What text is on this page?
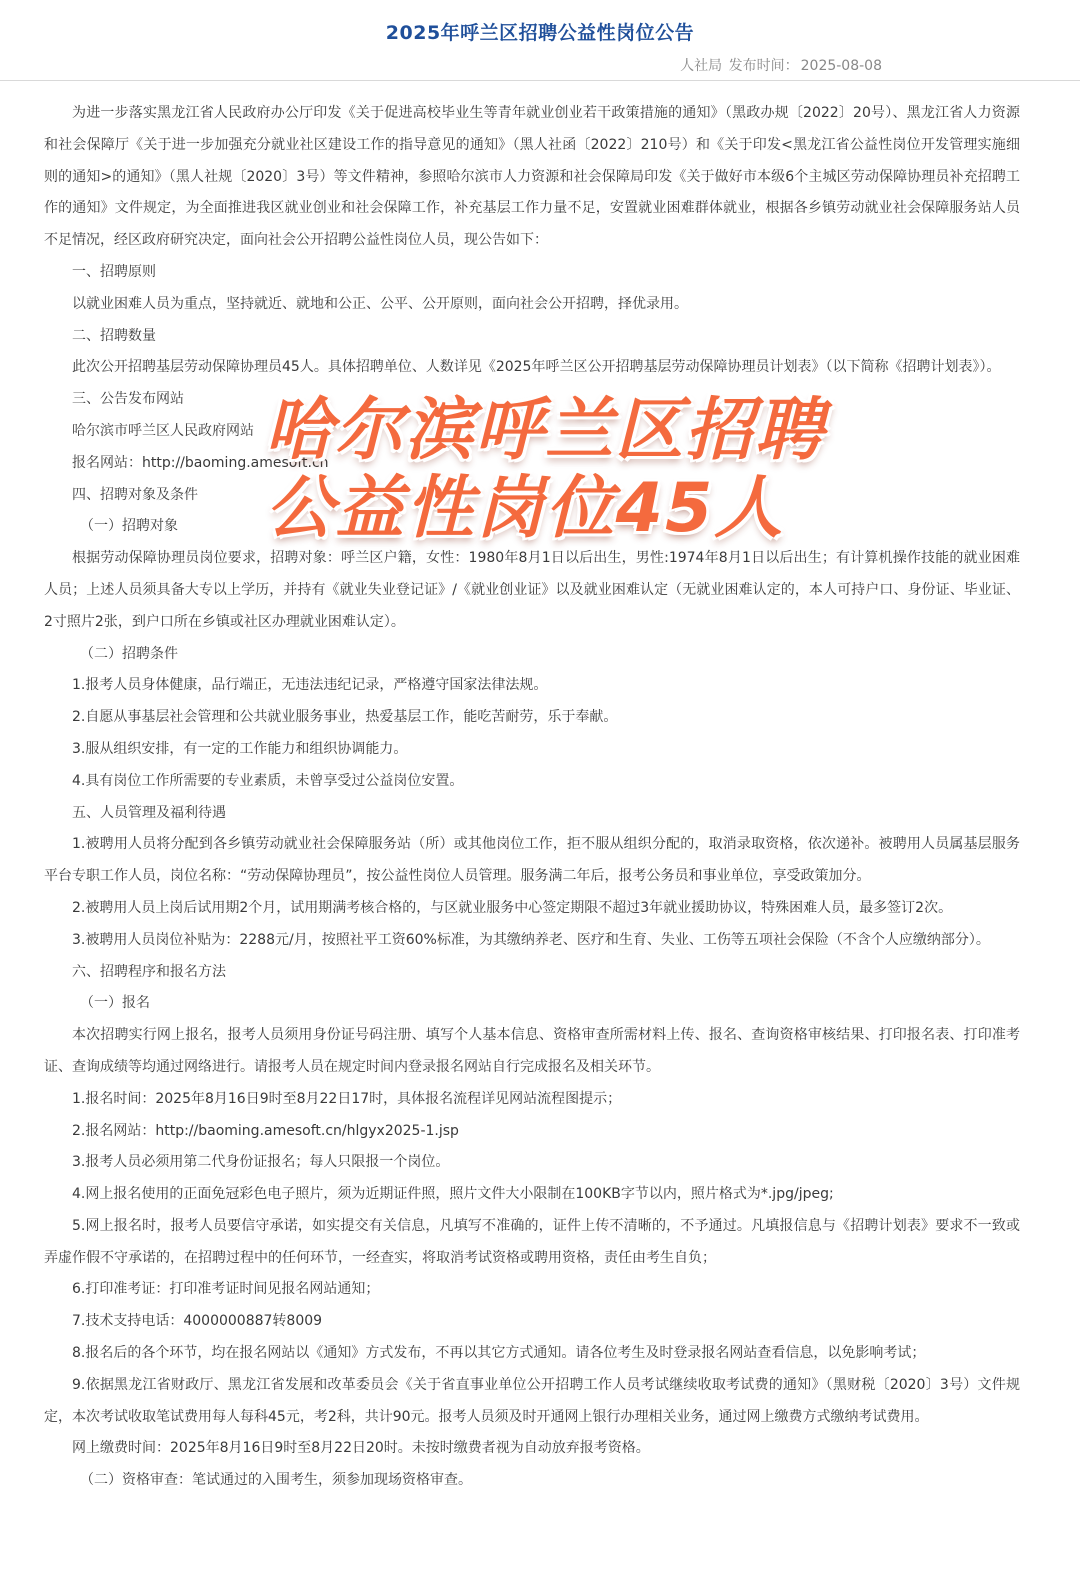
2025年呼兰区招聘公益性岗位公告
人社局 发布时间： 2025-08-08

为进一步落实黑龙江省人民政府办公厅印发《关于促进高校毕业生等青年就业创业若干政策措施的通知》（黑政办规〔2022〕20号）、黑龙江省人力资源和社会保障厅《关于进一步加强充分就业社区建设工作的指导意见的通知》（黑人社函〔2022〕210号）和《关于印发<黑龙江省公益性岗位开发管理实施细则的通知>的通知》（黑人社规〔2020〕3号）等文件精神，参照哈尔滨市人力资源和社会保障局印发《关于做好市本级6个主城区劳动保障协理员补充招聘工作的通知》文件规定，为全面推进我区就业创业和社会保障工作，补充基层工作力量不足，安置就业困难群体就业，根据各乡镇劳动就业社会保障服务站人员不足情况，经区政府研究决定，面向社会公开招聘公益性岗位人员，现公告如下：

一、招聘原则

以就业困难人员为重点，坚持就近、就地和公正、公平、公开原则，面向社会公开招聘，择优录用。

二、招聘数量

此次公开招聘基层劳动保障协理员45人。具体招聘单位、人数详见《2025年呼兰区公开招聘基层劳动保障协理员计划表》（以下简称《招聘计划表》）。

三、公告发布网站

哈尔滨市呼兰区人民政府网站

报名网站：http://baoming.amesoft.cn

四、招聘对象及条件

（一）招聘对象

根据劳动保障协理员岗位要求，招聘对象：呼兰区户籍，女性：1980年8月1日以后出生，男性:1974年8月1日以后出生；有计算机操作技能的就业困难人员；上述人员须具备大专以上学历，并持有《就业失业登记证》/《就业创业证》以及就业困难认定（无就业困难认定的，本人可持户口、身份证、毕业证、2寸照片2张，到户口所在乡镇或社区办理就业困难认定）。

（二）招聘条件

1.报考人员身体健康，品行端正，无违法违纪记录，严格遵守国家法律法规。

2.自愿从事基层社会管理和公共就业服务事业，热爱基层工作，能吃苦耐劳，乐于奉献。

3.服从组织安排，有一定的工作能力和组织协调能力。

4.具有岗位工作所需要的专业素质，未曾享受过公益岗位安置。

五、人员管理及福利待遇

1.被聘用人员将分配到各乡镇劳动就业社会保障服务站（所）或其他岗位工作，拒不服从组织分配的，取消录取资格，依次递补。被聘用人员属基层服务平台专职工作人员，岗位名称：“劳动保障协理员”，按公益性岗位人员管理。服务满二年后，报考公务员和事业单位，享受政策加分。

2.被聘用人员上岗后试用期2个月，试用期满考核合格的，与区就业服务中心签定期限不超过3年就业援助协议，特殊困难人员，最多签订2次。

3.被聘用人员岗位补贴为：2288元/月，按照社平工资60%标准，为其缴纳养老、医疗和生育、失业、工伤等五项社会保险（不含个人应缴纳部分）。

六、招聘程序和报名方法

（一）报名

本次招聘实行网上报名，报考人员须用身份证号码注册、填写个人基本信息、资格审查所需材料上传、报名、查询资格审核结果、打印报名表、打印准考证、查询成绩等均通过网络进行。请报考人员在规定时间内登录报名网站自行完成报名及相关环节。

1.报名时间：2025年8月16日9时至8月22日17时，具体报名流程详见网站流程图提示；

2.报名网站：http://baoming.amesoft.cn/hlgyx2025-1.jsp

3.报考人员必须用第二代身份证报名；每人只限报一个岗位。

4.网上报名使用的正面免冠彩色电子照片，须为近期证件照，照片文件大小限制在100KB字节以内，照片格式为*.jpg/jpeg;

5.网上报名时，报考人员要信守承诺，如实提交有关信息，凡填写不准确的，证件上传不清晰的，不予通过。凡填报信息与《招聘计划表》要求不一致或弄虚作假不守承诺的，在招聘过程中的任何环节，一经查实，将取消考试资格或聘用资格，责任由考生自负；

6.打印准考证：打印准考证时间见报名网站通知；

7.技术支持电话：4000000887转8009

8.报名后的各个环节，均在报名网站以《通知》方式发布，不再以其它方式通知。请各位考生及时登录报名网站查看信息，以免影响考试；

9.依据黑龙江省财政厅、黑龙江省发展和改革委员会《关于省直事业单位公开招聘工作人员考试继续收取考试费的通知》（黑财税〔2020〕3号）文件规定，本次考试收取笔试费用每人每科45元，考2科，共计90元。报考人员须及时开通网上银行办理相关业务，通过网上缴费方式缴纳考试费用。

网上缴费时间：2025年8月16日9时至8月22日20时。未按时缴费者视为自动放弃报考资格。

（二）资格审查：笔试通过的入围考生，须参加现场资格审查。

哈尔滨呼兰区招聘
公益性岗位45人
